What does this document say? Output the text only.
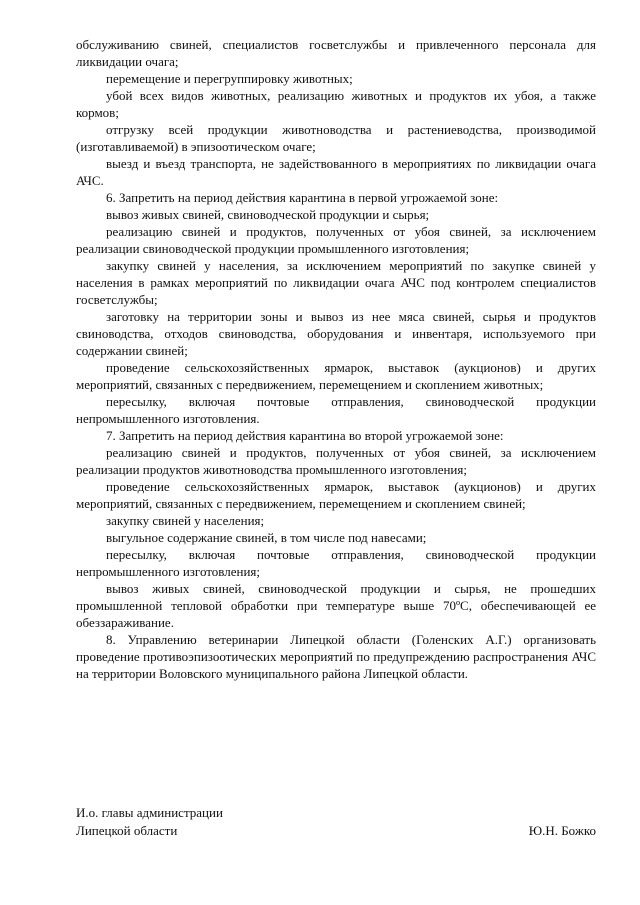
обслуживанию свиней, специалистов госветслужбы и привлеченного персонала для ликвидации очага;

перемещение и перегруппировку животных;

убой всех видов животных, реализацию животных и продуктов их убоя, а также кормов;

отгрузку всей продукции животноводства и растениеводства, производимой (изготавливаемой) в эпизоотическом очаге;

выезд и въезд транспорта, не задействованного в мероприятиях по ликвидации очага АЧС.

6. Запретить на период действия карантина в первой угрожаемой зоне:

вывоз живых свиней, свиноводческой продукции и сырья;

реализацию свиней и продуктов, полученных от убоя свиней, за исключением реализации свиноводческой продукции промышленного изготовления;

закупку свиней у населения, за исключением мероприятий по закупке свиней у населения в рамках мероприятий по ликвидации очага АЧС под контролем специалистов госветслужбы;

заготовку на территории зоны и вывоз из нее мяса свиней, сырья и продуктов свиноводства, отходов свиноводства, оборудования и инвентаря, используемого при содержании свиней;

проведение сельскохозяйственных ярмарок, выставок (аукционов) и других мероприятий, связанных с передвижением, перемещением и скоплением животных;

пересылку, включая почтовые отправления, свиноводческой продукции непромышленного изготовления.

7. Запретить на период действия карантина во второй угрожаемой зоне:

реализацию свиней и продуктов, полученных от убоя свиней, за исключением реализации продуктов животноводства промышленного изготовления;

проведение сельскохозяйственных ярмарок, выставок (аукционов) и других мероприятий, связанных с передвижением, перемещением и скоплением свиней;

закупку свиней у населения;

выгульное содержание свиней, в том числе под навесами;

пересылку, включая почтовые отправления, свиноводческой продукции непромышленного изготовления;

вывоз живых свиней, свиноводческой продукции и сырья, не прошедших промышленной тепловой обработки при температуре выше 70ºС, обеспечивающей ее обеззараживание.

8. Управлению ветеринарии Липецкой области (Голенских А.Г.) организовать проведение противоэпизоотических мероприятий по предупреждению распространения АЧС на территории Воловского муниципального района Липецкой области.

И.о. главы администрации
Липецкой области	Ю.Н. Божко
